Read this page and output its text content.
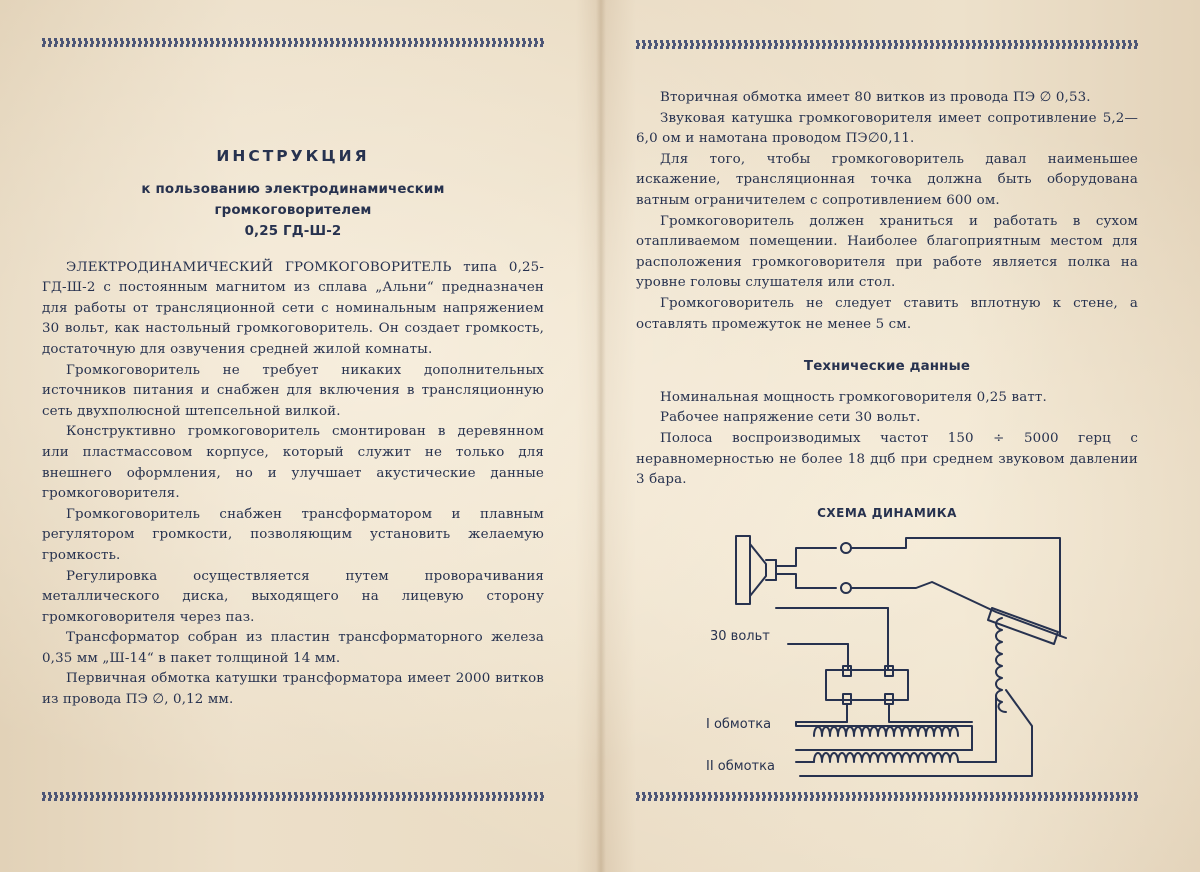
ИНСТРУКЦИЯ
к пользованию электродинамическим
громкоговорителем
0,25 ГД-Ш-2

ЭЛЕКТРОДИНАМИЧЕСКИЙ ГРОМКОГОВОРИТЕЛЬ типа 0,25-ГД-Ш-2 с постоянным магнитом из сплава „Альни“ предназначен для работы от трансляционной сети с номинальным напряжением 30 вольт, как настольный громкоговоритель. Он создает громкость, достаточную для озвучения средней жилой комнаты.

Громкоговоритель не требует никаких дополнительных источников питания и снабжен для включения в трансляционную сеть двухполюсной штепсельной вилкой.

Конструктивно громкоговоритель смонтирован в деревянном или пластмассовом корпусе, который служит не только для внешнего оформления, но и улучшает акустические данные громкоговорителя.

Громкоговоритель снабжен трансформатором и плавным регулятором громкости, позволяющим установить желаемую громкость.

Регулировка осуществляется путем проворачивания металлического диска, выходящего на лицевую сторону громкоговорителя через паз.

Трансформатор собран из пластин трансформаторного железа 0,35 мм „Ш-14“ в пакет толщиной 14 мм.

Первичная обмотка катушки трансформатора имеет 2000 витков из провода ПЭ ∅, 0,12 мм.

Вторичная обмотка имеет 80 витков из провода ПЭ ∅ 0,53.

Звуковая катушка громкоговорителя имеет сопротивление 5,2—6,0 ом и намотана проводом ПЭ∅0,11.

Для того, чтобы громкоговоритель давал наименьшее искажение, трансляционная точка должна быть оборудована ватным ограничителем с сопротивлением 600 ом.

Громкоговоритель должен храниться и работать в сухом отапливаемом помещении. Наиболее благоприятным местом для расположения громкоговорителя при работе является полка на уровне головы слушателя или стол.

Громкоговоритель не следует ставить вплотную к стене, а оставлять промежуток не менее 5 см.

Технические данные

Номинальная мощность громкоговорителя 0,25 ватт.

Рабочее напряжение сети 30 вольт.

Полоса воспроизводимых частот 150 ÷ 5000 герц с неравномерностью не более 18 дцб при среднем звуковом давлении 3 бара.

СХЕМА ДИНАМИКА
30 вольт
I обмотка
II обмотка
